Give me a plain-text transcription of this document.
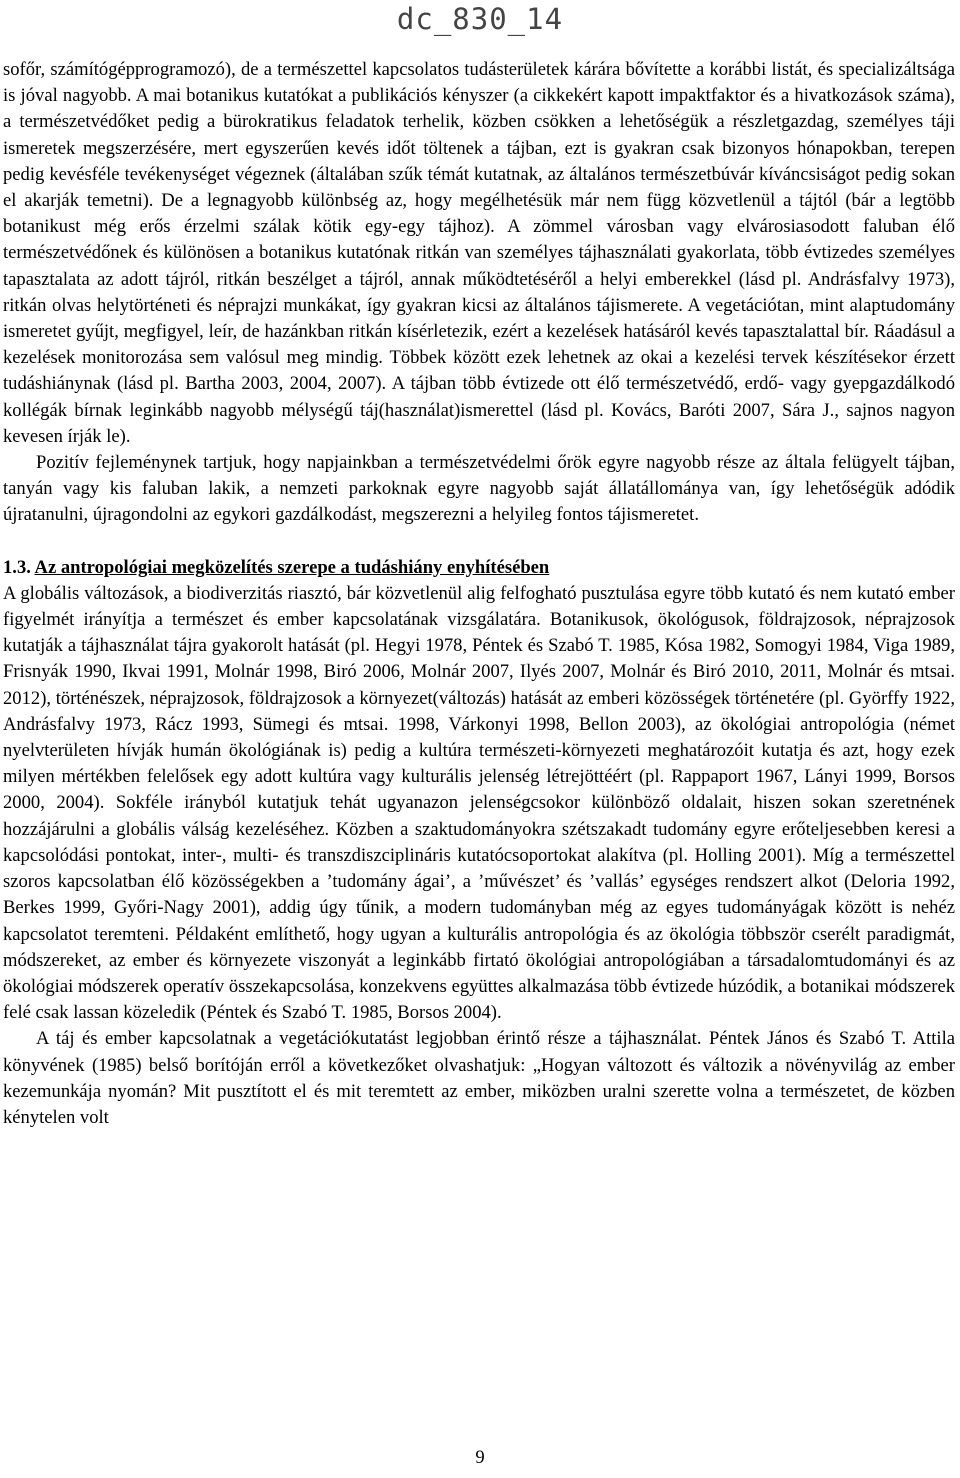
dc_830_14

sofőr, számítógépprogramozó), de a természettel kapcsolatos tudásterületek kárára bővítette a korábbi listát, és specializáltsága is jóval nagyobb. A mai botanikus kutatókat a publikációs kényszer (a cikkekért kapott impaktfaktor és a hivatkozások száma), a természetvédőket pedig a bürokratikus feladatok terhelik, közben csökken a lehetőségük a részletgazdag, személyes táji ismeretek megszerzésére, mert egyszerűen kevés időt töltenek a tájban, ezt is gyakran csak bizonyos hónapokban, terepen pedig kevésféle tevékenységet végeznek (általában szűk témát kutatnak, az általános természetbúvár kíváncsiságot pedig sokan el akarják temetni). De a legnagyobb különbség az, hogy megélhetésük már nem függ közvetlenül a tájtól (bár a legtöbb botanikust még erős érzelmi szálak kötik egy-egy tájhoz). A zömmel városban vagy elvárosiasodott faluban élő természetvédőnek és különösen a botanikus kutatónak ritkán van személyes tájhasználati gyakorlata, több évtizedes személyes tapasztalata az adott tájról, ritkán beszélget a tájról, annak működtetéséről a helyi emberekkel (lásd pl. Andrásfalvy 1973), ritkán olvas helytörténeti és néprajzi munkákat, így gyakran kicsi az általános tájismerete. A vegetációtan, mint alaptudomány ismeretet gyűjt, megfigyel, leír, de hazánkban ritkán kísérletezik, ezért a kezelések hatásáról kevés tapasztalattal bír. Ráadásul a kezelések monitorozása sem valósul meg mindig. Többek között ezek lehetnek az okai a kezelési tervek készítésekor érzett tudáshiánynak (lásd pl. Bartha 2003, 2004, 2007). A tájban több évtizede ott élő természetvédő, erdő- vagy gyepgazdálkodó kollégák bírnak leginkább nagyobb mélységű táj(használat)ismerettel (lásd pl. Kovács, Baróti 2007, Sára J., sajnos nagyon kevesen írják le).

Pozitív fejleménynek tartjuk, hogy napjainkban a természetvédelmi őrök egyre nagyobb része az általa felügyelt tájban, tanyán vagy kis faluban lakik, a nemzeti parkoknak egyre nagyobb saját állatállománya van, így lehetőségük adódik újratanulni, újragondolni az egykori gazdálkodást, megszerezni a helyileg fontos tájismeretet.

1.3. Az antropológiai megközelítés szerepe a tudáshiány enyhítésében

A globális változások, a biodiverzitás riasztó, bár közvetlenül alig felfogható pusztulása egyre több kutató és nem kutató ember figyelmét irányítja a természet és ember kapcsolatának vizsgálatára. Botanikusok, ökológusok, földrajzosok, néprajzosok kutatják a tájhasználat tájra gyakorolt hatását (pl. Hegyi 1978, Péntek és Szabó T. 1985, Kósa 1982, Somogyi 1984, Viga 1989, Frisnyák 1990, Ikvai 1991, Molnár 1998, Biró 2006, Molnár 2007, Ilyés 2007, Molnár és Biró 2010, 2011, Molnár és mtsai. 2012), történészek, néprajzosok, földrajzosok a környezet(változás) hatását az emberi közösségek történetére (pl. Györffy 1922, Andrásfalvy 1973, Rácz 1993, Sümegi és mtsai. 1998, Várkonyi 1998, Bellon 2003), az ökológiai antropológia (német nyelvterületen hívják humán ökológiának is) pedig a kultúra természeti-környezeti meghatározóit kutatja és azt, hogy ezek milyen mértékben felelősek egy adott kultúra vagy kulturális jelenség létrejöttéért (pl. Rappaport 1967, Lányi 1999, Borsos 2000, 2004). Sokféle irányból kutatjuk tehát ugyanazon jelenségcsokor különböző oldalait, hiszen sokan szeretnének hozzájárulni a globális válság kezeléséhez. Közben a szaktudományokra szétszakadt tudomány egyre erőteljesebben keresi a kapcsolódási pontokat, inter-, multi- és transzdiszciplináris kutatócsoportokat alakítva (pl. Holling 2001). Míg a természettel szoros kapcsolatban élő közösségekben a ’tudomány ágai’, a ’művészet’ és ’vallás’ egységes rendszert alkot (Deloria 1992, Berkes 1999, Győri-Nagy 2001), addig úgy tűnik, a modern tudományban még az egyes tudományágak között is nehéz kapcsolatot teremteni. Példaként említhető, hogy ugyan a kulturális antropológia és az ökológia többször cserélt paradigmát, módszereket, az ember és környezete viszonyát a leginkább firtató ökológiai antropológiában a társadalomtudományi és az ökológiai módszerek operatív összekapcsolása, konzekvens együttes alkalmazása több évtizede húzódik, a botanikai módszerek felé csak lassan közeledik (Péntek és Szabó T. 1985, Borsos 2004).

A táj és ember kapcsolatnak a vegetációkutatást legjobban érintő része a tájhasználat. Péntek János és Szabó T. Attila könyvének (1985) belső borítóján erről a következőket olvashatjuk: „Hogyan változott és változik a növényvilág az ember kezemunkája nyomán? Mit pusztított el és mit teremtett az ember, miközben uralni szerette volna a természetet, de közben kénytelen volt

9
